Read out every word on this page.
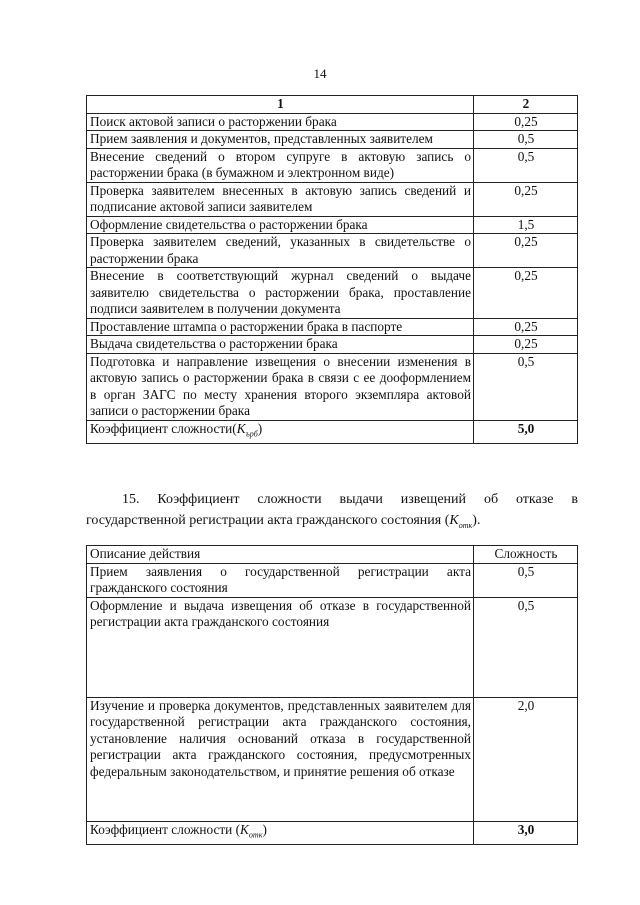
14
1	2
Поиск актовой записи о расторжении брака	0,25
Прием заявления и документов, представленных заявителем	0,5
Внесение сведений о втором супруге в актовую запись о расторжении брака (в бумажном и электронном виде)	0,5
Проверка заявителем внесенных в актовую запись сведений и подписание актовой записи заявителем	0,25
Оформление свидетельства о расторжении брака	1,5
Проверка заявителем сведений, указанных в свидетельстве о расторжении брака	0,25
Внесение в соответствующий журнал сведений о выдаче заявителю свидетельства о расторжении брака, проставление подписи заявителем в получении документа	0,25
Проставление штампа о расторжении брака в паспорте	0,25
Выдача свидетельства о расторжении брака	0,25
Подготовка и направление извещения о внесении изменения в актовую запись о расторжении брака в связи с ее дооформлением в орган ЗАГС по месту хранения второго экземпляра актовой записи о расторжении брака	0,5
Коэффициент $сложности(K_{ърб})$	5,0
15. Коэффициент сложности выдачи извещений об отказе в государственной регистрации акта гражданского состояния $(K_{отк})$.
Описание действия	Сложность
Прием заявления о государственной регистрации акта гражданского состояния	0,5
Оформление и выдача извещения об отказе в государственной регистрации акта гражданского состояния	0,5
Изучение и проверка документов, представленных заявителем для государственной регистрации акта гражданского состояния, установление наличия оснований отказа в государственной регистрации акта гражданского состояния, предусмотренных федеральным законодательством, и принятие решения об отказе	2,0
Коэффициент сложности $(K_{отк})$	3,0
